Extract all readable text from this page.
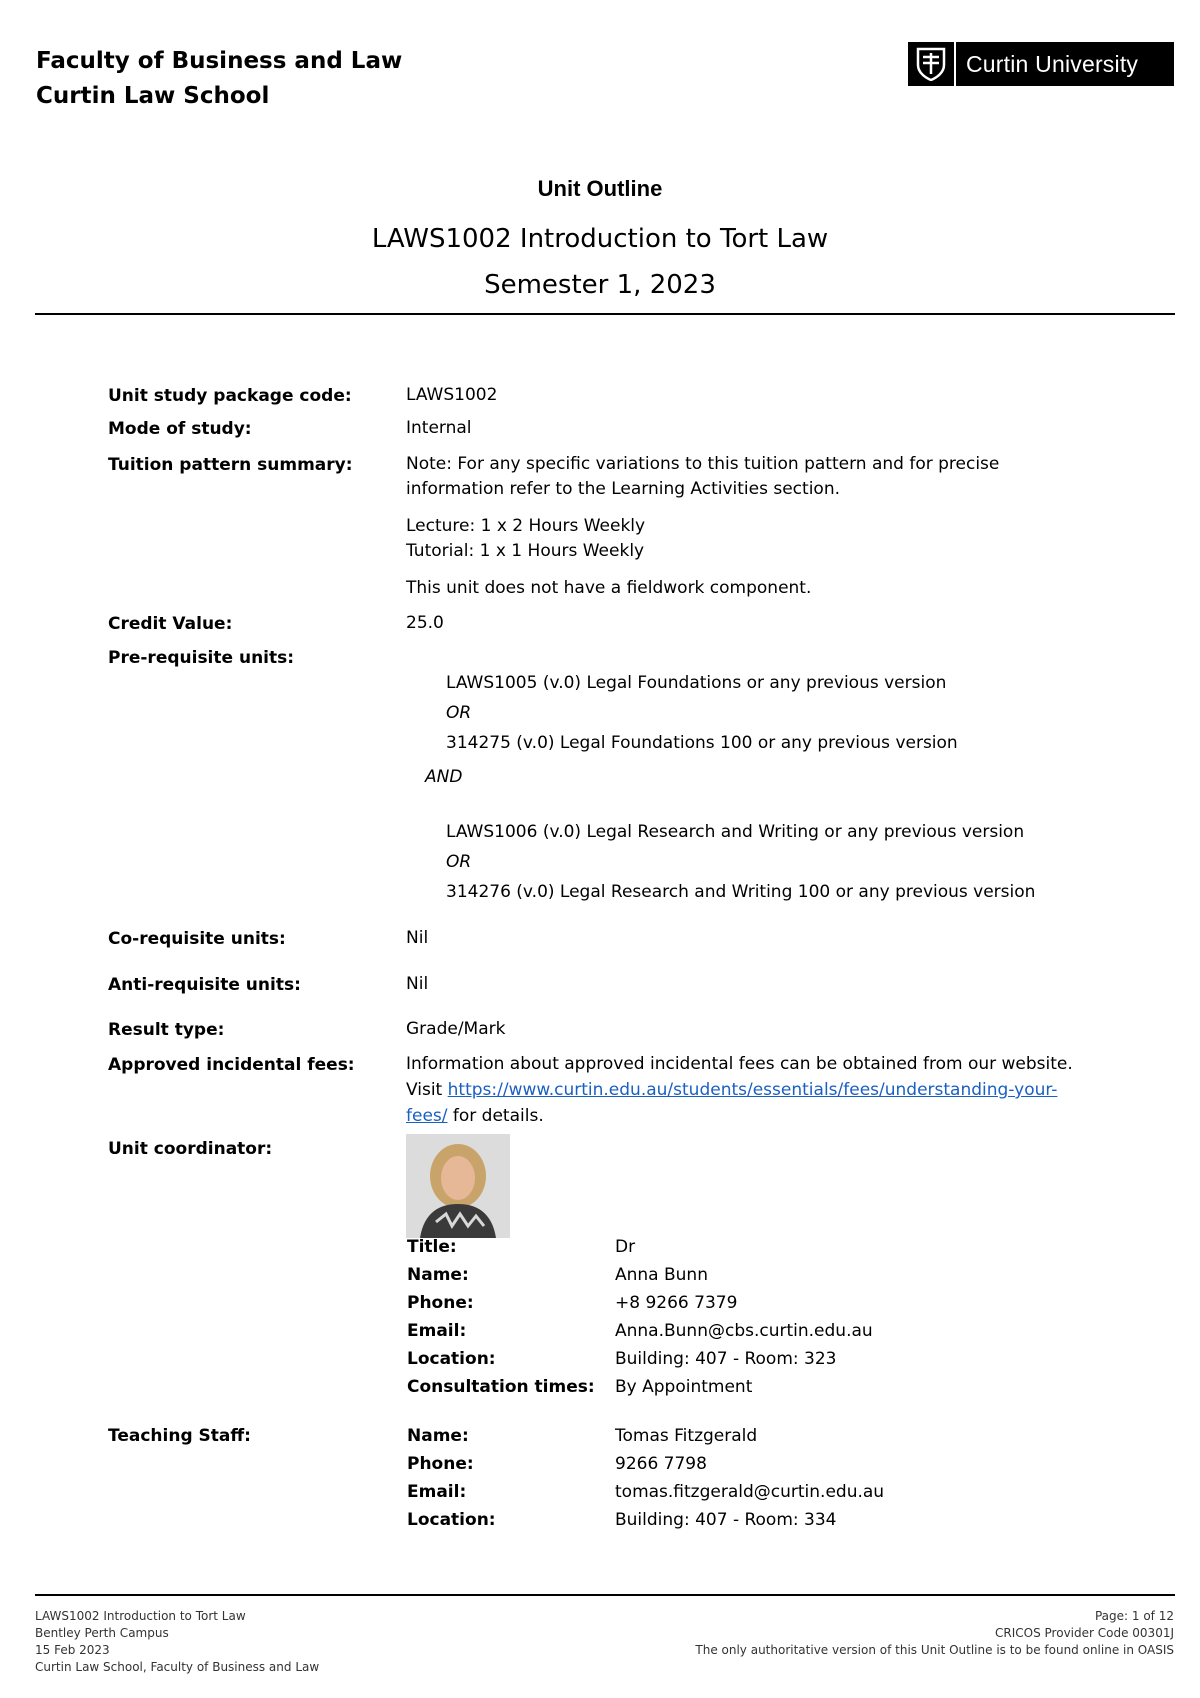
Faculty of Business and Law
Curtin Law School
Curtin University
Unit Outline
LAWS1002 Introduction to Tort Law
Semester 1, 2023
Unit study package code:	LAWS1002
Mode of study:	Internal
Tuition pattern summary:	Note: For any specific variations to this tuition pattern and for precise
information refer to the Learning Activities section.
Lecture: 1 x 2 Hours Weekly
Tutorial: 1 x 1 Hours Weekly
This unit does not have a fieldwork component.
Credit Value:	25.0
Pre-requisite units:
LAWS1005 (v.0) Legal Foundations or any previous version
OR
314275 (v.0) Legal Foundations 100 or any previous version
AND
LAWS1006 (v.0) Legal Research and Writing or any previous version
OR
314276 (v.0) Legal Research and Writing 100 or any previous version
Co-requisite units:	Nil
Anti-requisite units:	Nil
Result type:	Grade/Mark
Approved incidental fees:	Information about approved incidental fees can be obtained from our website.
Visit https://www.curtin.edu.au/students/essentials/fees/understanding-your-
fees/ for details.
Unit coordinator:
Title:	Dr
Name:	Anna Bunn
Phone:	+8 9266 7379
Email:	Anna.Bunn@cbs.curtin.edu.au
Location:	Building: 407 - Room: 323
Consultation times: By Appointment
Teaching Staff:	Name:	Tomas Fitzgerald
Phone:	9266 7798
Email:	tomas.fitzgerald@curtin.edu.au
Location:	Building: 407 - Room: 334
LAWS1002 Introduction to Tort Law
Bentley Perth Campus
15 Feb 2023
Curtin Law School, Faculty of Business and Law
Page: 1 of 12
CRICOS Provider Code 00301J
The only authoritative version of this Unit Outline is to be found online in OASIS
